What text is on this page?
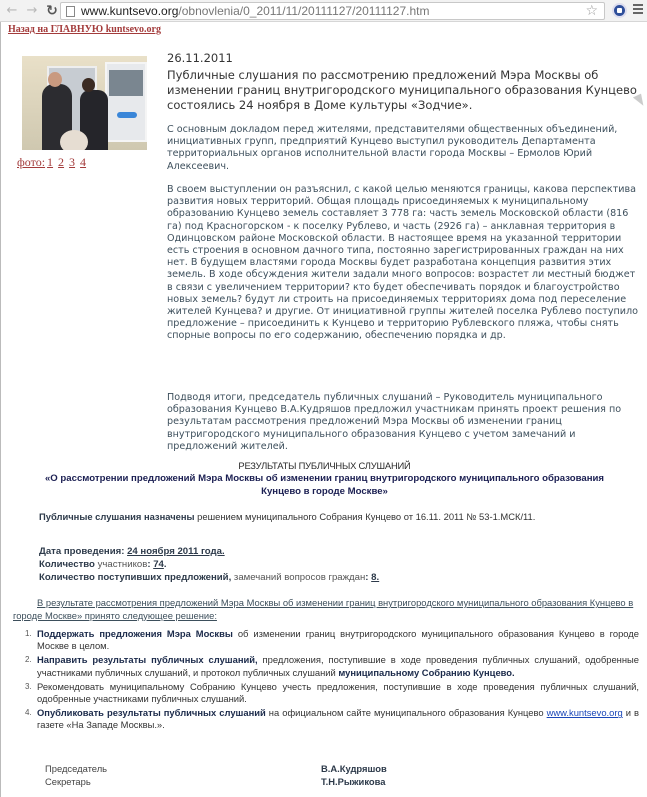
← → ↻ www.kuntsevo.org/obnovlenia/0_2011/11/20111127/20111127.htm	☆
Назад на ГЛАВНУЮ kuntsevo.org
фото: 1 2 3 4
26.11.2011
Публичные слушания по рассмотрению предложений Мэра Москвы об изменении границ внутригородского муниципального образования Кунцево состоялись 24 ноября в Доме культуры «Зодчие».
С основным докладом перед жителями, представителями общественных объединений, инициативных групп, предприятий Кунцево выступил руководитель Департамента территориальных органов исполнительной власти города Москвы – Ермолов Юрий Алексеевич.
В своем выступлении он разъяснил, с какой целью меняются границы, какова перспектива развития новых территорий. Общая площадь присоединяемых к муниципальному образованию Кунцево земель составляет 3 778 га: часть земель Московской области (816 га) под Красногорском - к поселку Рублево, и часть (2926 га) – анклавная территория в Одинцовском районе Московской области. В настоящее время на указанной территории есть строения в основном дачного типа, постоянно зарегистрированных граждан на них нет. В будущем властями города Москвы будет разработана концепция развития этих земель. В ходе обсуждения жители задали много вопросов: возрастет ли местный бюджет в связи с увеличением территории? кто будет обеспечивать порядок и благоустройство новых земель? будут ли строить на присоединяемых территориях дома под переселение жителей Кунцева? и другие. От инициативной группы жителей поселка Рублево поступило предложение – присоединить к Кунцево и территорию Рублевского пляжа, чтобы снять спорные вопросы по его содержанию, обеспечению порядка и др.
Подводя итоги, председатель публичных слушаний – Руководитель муниципального образования Кунцево В.А.Кудряшов предложил участникам принять проект решения по результатам рассмотрения предложений Мэра Москвы об изменении границ внутригородского муниципального образования Кунцево с учетом замечаний и предложений жителей.
РЕЗУЛЬТАТЫ ПУБЛИЧНЫХ СЛУШАНИЙ
«О рассмотрении предложений Мэра Москвы об изменении границ внутригородского муниципального образования Кунцево в городе Москве»
Публичные слушания назначены решением муниципального Собрания Кунцево от 16.11. 2011 № 53-1.МСК/11.
Дата проведения: 24 ноября 2011 года.
Количество участников: 74.
Количество поступивших предложений, замечаний вопросов граждан: 8.
В результате рассмотрения предложений Мэра Москвы об изменении границ внутригородского муниципального образования Кунцево в городе Москве» принято следующее решение:
1. Поддержать предложения Мэра Москвы об изменении границ внутригородского муниципального образования Кунцево в городе Москве в целом.
2. Направить результаты публичных слушаний, предложения, поступившие в ходе проведения публичных слушаний, одобренные участниками публичных слушаний, и протокол публичных слушаний муниципальному Собранию Кунцево.
3. Рекомендовать муниципальному Собранию Кунцево учесть предложения, поступившие в ходе проведения публичных слушаний, одобренные участниками публичных слушаний.
4. Опубликовать результаты публичных слушаний на официальном сайте муниципального образования Кунцево www.kuntsevo.org и в газете «На Западе Москвы.».
Председатель	В.А.Кудряшов
Секретарь	Т.Н.Рыжикова
